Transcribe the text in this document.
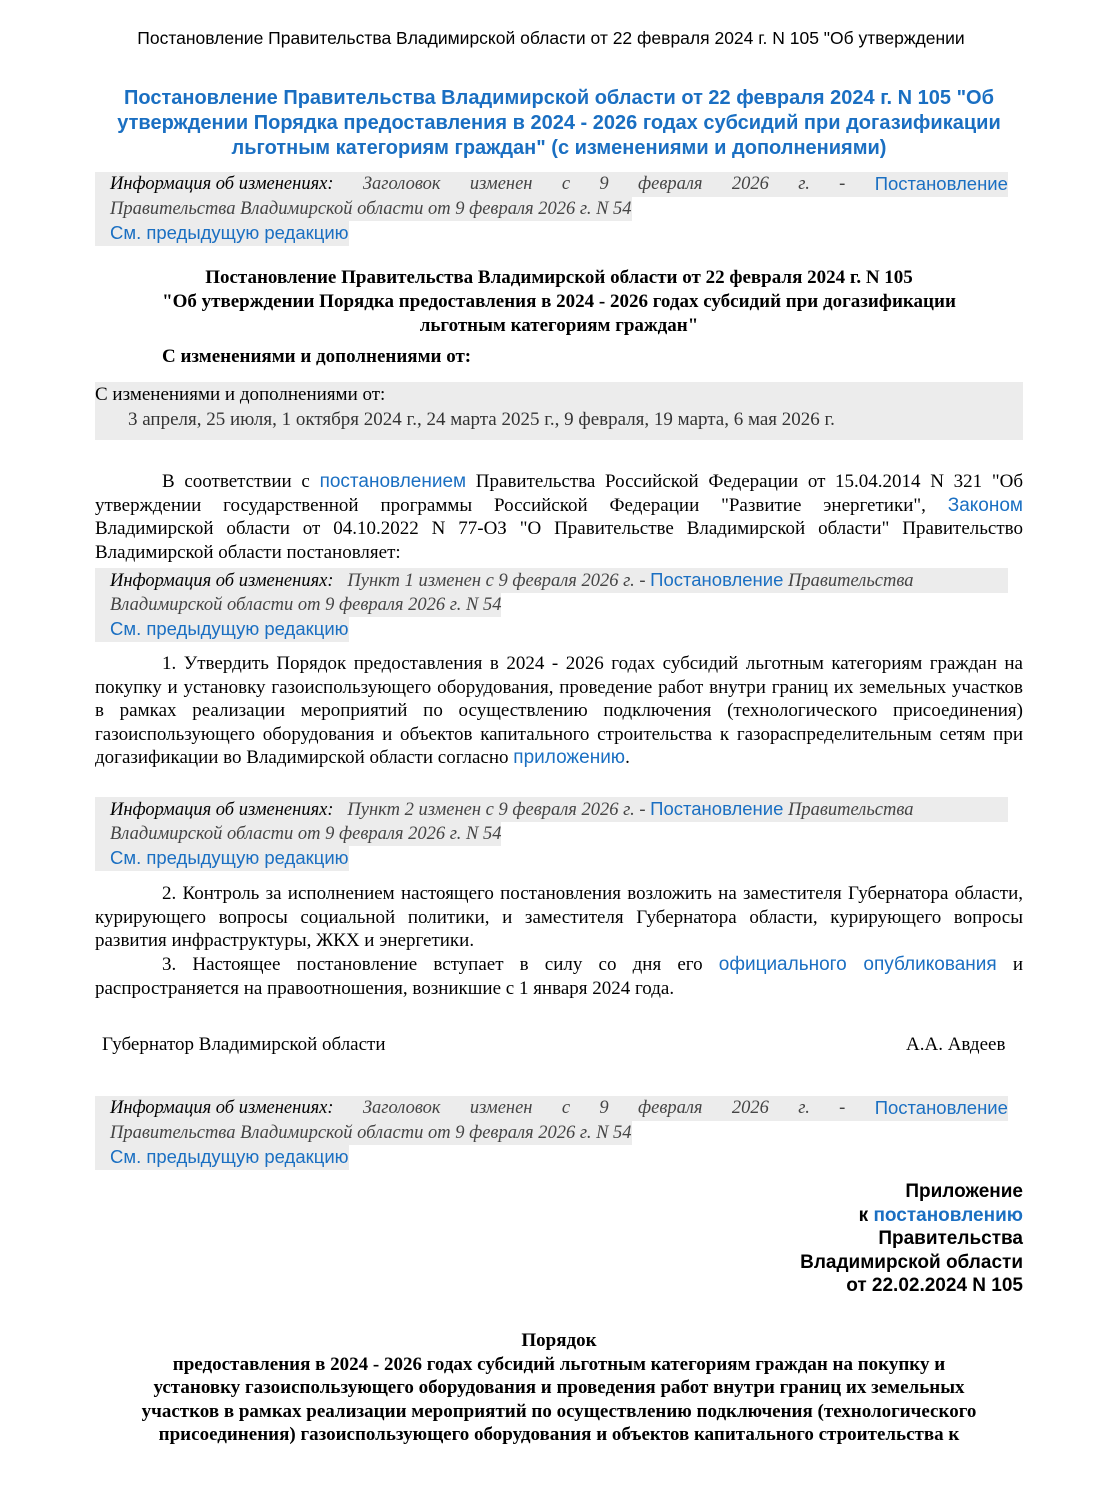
Постановление Правительства Владимирской области от 22 февраля 2024 г. N 105 "Об утверждении
Постановление Правительства Владимирской области от 22 февраля 2024 г. N 105 "Об утверждении Порядка предоставления в 2024 - 2026 годах субсидий при догазификации льготным категориям граждан" (с изменениями и дополнениями)
Информация об изменениях: Заголовок изменен с 9 февраля 2026 г. - Постановление
Правительства Владимирской области от 9 февраля 2026 г. N 54
См. предыдущую редакцию
Постановление Правительства Владимирской области от 22 февраля 2024 г. N 105
"Об утверждении Порядка предоставления в 2024 - 2026 годах субсидий при догазификации
льготным категориям граждан"
С изменениями и дополнениями от:
С изменениями и дополнениями от:
3 апреля, 25 июля, 1 октября 2024 г., 24 марта 2025 г., 9 февраля, 19 марта, 6 мая 2026 г.
В соответствии с постановлением Правительства Российской Федерации от 15.04.2014 N 321 "Об утверждении государственной программы Российской Федерации "Развитие энергетики", Законом Владимирской области от 04.10.2022 N 77-ОЗ "О Правительстве Владимирской области" Правительство Владимирской области постановляет:
Информация об изменениях: Пункт 1 изменен с 9 февраля 2026 г. - Постановление Правительства
Владимирской области от 9 февраля 2026 г. N 54
См. предыдущую редакцию
1. Утвердить Порядок предоставления в 2024 - 2026 годах субсидий льготным категориям граждан на покупку и установку газоиспользующего оборудования, проведение работ внутри границ их земельных участков в рамках реализации мероприятий по осуществлению подключения (технологического присоединения) газоиспользующего оборудования и объектов капитального строительства к газораспределительным сетям при догазификации во Владимирской области согласно приложению.
Информация об изменениях: Пункт 2 изменен с 9 февраля 2026 г. - Постановление Правительства
Владимирской области от 9 февраля 2026 г. N 54
См. предыдущую редакцию
2. Контроль за исполнением настоящего постановления возложить на заместителя Губернатора области, курирующего вопросы социальной политики, и заместителя Губернатора области, курирующего вопросы развития инфраструктуры, ЖКХ и энергетики.
3. Настоящее постановление вступает в силу со дня его официального опубликования и распространяется на правоотношения, возникшие с 1 января 2024 года.
Губернатор Владимирской области	А.А. Авдеев
Информация об изменениях: Заголовок изменен с 9 февраля 2026 г. - Постановление
Правительства Владимирской области от 9 февраля 2026 г. N 54
См. предыдущую редакцию
Приложение
к постановлению
Правительства
Владимирской области
от 22.02.2024 N 105
Порядок
предоставления в 2024 - 2026 годах субсидий льготным категориям граждан на покупку и
установку газоиспользующего оборудования и проведения работ внутри границ их земельных
участков в рамках реализации мероприятий по осуществлению подключения (технологического
присоединения) газоиспользующего оборудования и объектов капитального строительства к
